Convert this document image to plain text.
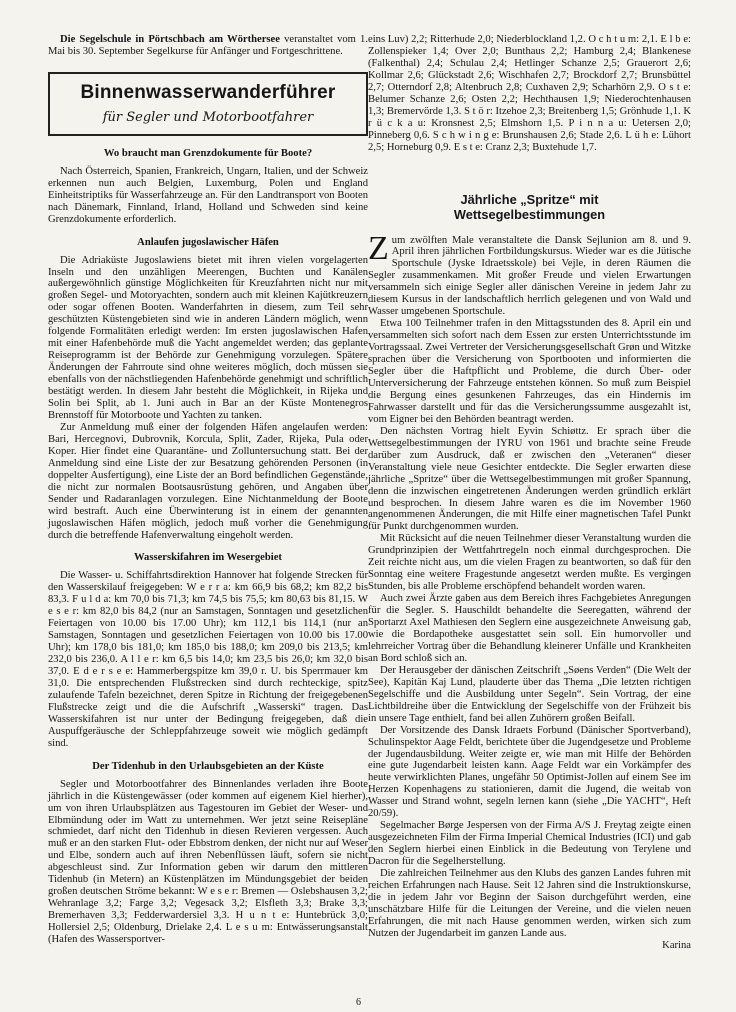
Die Segelschule in Pörtschbach am Wörthersee veranstaltet vom 1. Mai bis 30. September Segelkurse für Anfänger und Fortgeschrittene.

Binnenwasserwanderführer
für Segler und Motorbootfahrer
Wo braucht man Grenzdokumente für Boote?

Nach Österreich, Spanien, Frankreich, Ungarn, Italien, und der Schweiz erkennen nun auch Belgien, Luxemburg, Polen und England Einheitstriptiks für Wasserfahrzeuge an. Für den Landtransport von Booten nach Dänemark, Finnland, Irland, Holland und Schweden sind keine Grenzdokumente erforderlich.

Anlaufen jugoslawischer Häfen

Die Adriaküste Jugoslawiens bietet mit ihren vielen vorgelagerten Inseln und den unzähligen Meerengen, Buchten und Kanälen außergewöhnlich günstige Möglichkeiten für Kreuzfahrten nicht nur mit großen Segel- und Motoryachten, sondern auch mit kleinen Kajütkreuzern oder sogar offenen Booten. Wanderfahrten in diesem, zum Teil sehr geschützten Küstengebieten sind wie in anderen Ländern möglich, wenn folgende Formalitäten erledigt werden: Im ersten jugoslawischen Hafen mit einer Hafenbehörde muß die Yacht angemeldet werden; das geplante Reiseprogramm ist der Behörde zur Genehmigung vorzulegen. Spätere Änderungen der Fahrroute sind ohne weiteres möglich, doch müssen sie ebenfalls von der nächstliegenden Hafenbehörde genehmigt und schriftlich bestätigt werden. In diesem Jahr besteht die Möglichkeit, in Rijeka und Solin bei Split, ab 1. Juni auch in Bar an der Küste Montenegros Brennstoff für Motorboote und Yachten zu tanken.

Zur Anmeldung muß einer der folgenden Häfen angelaufen werden: Bari, Hercegnovi, Dubrovnik, Korcula, Split, Zader, Rijeka, Pula oder Koper. Hier findet eine Quarantäne- und Zolluntersuchung statt. Bei der Anmeldung sind eine Liste der zur Besatzung gehörenden Personen (in doppelter Ausfertigung), eine Liste der an Bord befindlichen Gegenstände, die nicht zur normalen Bootsausrüstung gehören, und Angaben über Sender und Radaranlagen vorzulegen. Eine Nichtanmeldung der Boote wird bestraft. Auch eine Überwinterung ist in einem der genannten jugoslawischen Häfen möglich, jedoch muß vorher die Genehmigung durch die betreffende Hafenverwaltung eingeholt werden.

Wasserskifahren im Wesergebiet

Die Wasser- u. Schiffahrtsdirektion Hannover hat folgende Strecken für den Wasserskilauf freigegeben: W e r r a: km 66,9 bis 68,2; km 82,2 bis 83,3. F u l d a: km 70,0 bis 71,3; km 74,5 bis 75,5; km 80,63 bis 81,15. W e s e r: km 82,0 bis 84,2 (nur an Samstagen, Sonntagen und gesetzlichen Feiertagen von 10.00 bis 17.00 Uhr); km 112,1 bis 114,1 (nur an Samstagen, Sonntagen und gesetzlichen Feiertagen von 10.00 bis 17.00 Uhr); km 178,0 bis 181,0; km 185,0 bis 188,0; km 209,0 bis 213,5; km 232,0 bis 236,0. A l l e r: km 6,5 bis 14,0; km 23,5 bis 26,0; km 32,0 bis 37,0. E d e r s e e: Hammerbergspitze km 39,0 r. U. bis Sperrmauer km 31,0. Die entsprechenden Flußstrecken sind durch rechteckige, spitz zulaufende Tafeln bezeichnet, deren Spitze in Richtung der freigegebenen Flußstrecke zeigt und die die Aufschrift „Wasserski“ tragen. Das Wasserskifahren ist nur unter der Bedingung freigegeben, daß die Auspuffgeräusche der Schleppfahrzeuge soweit wie möglich gedämpft sind.

Der Tidenhub in den Urlaubsgebieten an der Küste

Segler und Motorbootfahrer des Binnenlandes verladen ihre Boote jährlich in die Küstengewässer (oder kommen auf eigenem Kiel hierher), um von ihren Urlaubsplätzen aus Tagestouren im Gebiet der Weser- und Elbmündung oder im Watt zu unternehmen. Wer jetzt seine Reisepläne schmiedet, darf nicht den Tidenhub in diesen Revieren vergessen. Auch muß er an den starken Flut- oder Ebbstrom denken, der nicht nur auf Weser und Elbe, sondern auch auf ihren Nebenflüssen läuft, sofern sie nicht abgeschleust sind. Zur Information geben wir darum den mittleren Tidenhub (in Metern) an Küstenplätzen im Mündungsgebiet der beiden großen deutschen Ströme bekannt: W e s e r: Bremen — Oslebshausen 3,2; Wehranlage 3,2; Farge 3,2; Vegesack 3,2; Elsfleth 3,3; Brake 3,3; Bremerhaven 3,3; Fedderwardersiel 3,3. H u n t e: Huntebrück 3,0; Hollersiel 2,5; Oldenburg, Drielake 2,4. L e s u m: Entwässerungsanstalt (Hafen des Wassersportver-

eins Luv) 2,2; Ritterhude 2,0; Niederblockland 1,2. O c h t u m: 2,1. E l b e: Zollenspieker 1,4; Over 2,0; Bunthaus 2,2; Hamburg 2,4; Blankenese (Falkenthal) 2,4; Schulau 2,4; Hetlinger Schanze 2,5; Grauerort 2,6; Kollmar 2,6; Glückstadt 2,6; Wischhafen 2,7; Brockdorf 2,7; Brunsbüttel 2,7; Otterndorf 2,8; Altenbruch 2,8; Cuxhaven 2,9; Scharhörn 2,9. O s t e: Belumer Schanze 2,6; Osten 2,2; Hechthausen 1,9; Niederochtenhausen 1,3; Bremervörde 1,3. S t ö r: Itzehoe 2,3; Breitenberg 1,5; Grönhude 1,1. K r ü c k a u: Kronsnest 2,5; Elmshorn 1,5. P i n n a u: Uetersen 2,0; Pinneberg 0,6. S c h w i n g e: Brunshausen 2,6; Stade 2,6. L ü h e: Lühort 2,5; Horneburg 0,9. E s t e: Cranz 2,3; Buxtehude 1,7.

Jährliche „Spritze“ mit
Wettsegelbestimmungen

Zum zwölften Male veranstaltete die Dansk Sejlunion am 8. und 9. April ihren jährlichen Fortbildungskursus. Wieder war es die Jütische Sportschule (Jyske Idraetsskole) bei Vejle, in deren Räumen die Segler zusammenkamen. Mit großer Freude und vielen Erwartungen versammeln sich einige Segler aller dänischen Vereine in jedem Jahr zu diesem Kursus in der landschaftlich herrlich gelegenen und von Wald und Wasser umgebenen Sportschule.

Etwa 100 Teilnehmer trafen in den Mittagsstunden des 8. April ein und versammelten sich sofort nach dem Essen zur ersten Unterrichtsstunde im Vortragssaal. Zwei Vertreter der Versicherungsgesellschaft Grøn und Witzke sprachen über die Versicherung von Sportbooten und informierten die Segler über die Haftpflicht und Probleme, die durch Über- oder Unterversicherung der Fahrzeuge entstehen können. So muß zum Beispiel die Bergung eines gesunkenen Fahrzeuges, das ein Hindernis im Fahrwasser darstellt und für das die Versicherungssumme ausgezahlt ist, vom Eigner bei den Behörden beantragt werden.

Den nächsten Vortrag hielt Eyvin Schiøttz. Er sprach über die Wettsegelbestimmungen der IYRU von 1961 und brachte seine Freude darüber zum Ausdruck, daß er zwischen den „Veteranen“ dieser Veranstaltung viele neue Gesichter entdeckte. Die Segler erwarten diese jährliche „Spritze“ über die Wettsegelbestimmungen mit großer Spannung, denn die inzwischen eingetretenen Änderungen werden gründlich erklärt und besprochen. In diesem Jahre waren es die im November 1960 angenommenen Änderungen, die mit Hilfe einer magnetischen Tafel Punkt für Punkt durchgenommen wurden.

Mit Rücksicht auf die neuen Teilnehmer dieser Veranstaltung wurden die Grundprinzipien der Wettfahrtregeln noch einmal durchgesprochen. Die Zeit reichte nicht aus, um die vielen Fragen zu beantworten, so daß für den Sonntag eine weitere Fragestunde angesetzt werden mußte. Es vergingen Stunden, bis alle Probleme erschöpfend behandelt worden waren.

Auch zwei Ärzte gaben aus dem Bereich ihres Fachgebietes Anregungen für die Segler. S. Hauschildt behandelte die Seeregatten, während der Sportarzt Axel Mathiesen den Seglern eine ausgezeichnete Anweisung gab, wie die Bordapotheke ausgestattet sein soll. Ein humorvoller und lehrreicher Vortrag über die Behandlung kleinerer Unfälle und Krankheiten an Bord schloß sich an.

Der Herausgeber der dänischen Zeitschrift „Søens Verden“ (Die Welt der See), Kapitän Kaj Lund, plauderte über das Thema „Die letzten richtigen Segelschiffe und die Ausbildung unter Segeln“. Sein Vortrag, der eine Lichtbildreihe über die Entwicklung der Segelschiffe von der Frühzeit bis in unsere Tage enthielt, fand bei allen Zuhörern großen Beifall.

Der Vorsitzende des Dansk Idraets Forbund (Dänischer Sportverband), Schulinspektor Aage Feldt, berichtete über die Jugendgesetze und Probleme der Jugendausbildung. Weiter zeigte er, wie man mit Hilfe der Behörden eine gute Jugendarbeit leisten kann. Aage Feldt war ein Vorkämpfer des heute verwirklichten Planes, ungefähr 50 Optimist-Jollen auf einem See im Herzen Kopenhagens zu stationieren, damit die Jugend, die weitab von Wasser und Strand wohnt, segeln lernen kann (siehe „Die YACHT“, Heft 20/59).

Segelmacher Børge Jespersen von der Firma A/S J. Freytag zeigte einen ausgezeichneten Film der Firma Imperial Chemical Industries (ICI) und gab den Seglern hierbei einen Einblick in die Bedeutung von Terylene und Dacron für die Segelherstellung.

Die zahlreichen Teilnehmer aus den Klubs des ganzen Landes fuhren mit reichen Erfahrungen nach Hause. Seit 12 Jahren sind die Instruktionskurse, die in jedem Jahr vor Beginn der Saison durchgeführt werden, eine unschätzbare Hilfe für die Leitungen der Vereine, und die vielen neuen Erfahrungen, die mit nach Hause genommen werden, wirken sich zum Nutzen der Jugendarbeit im ganzen Lande aus.

Karina

6
